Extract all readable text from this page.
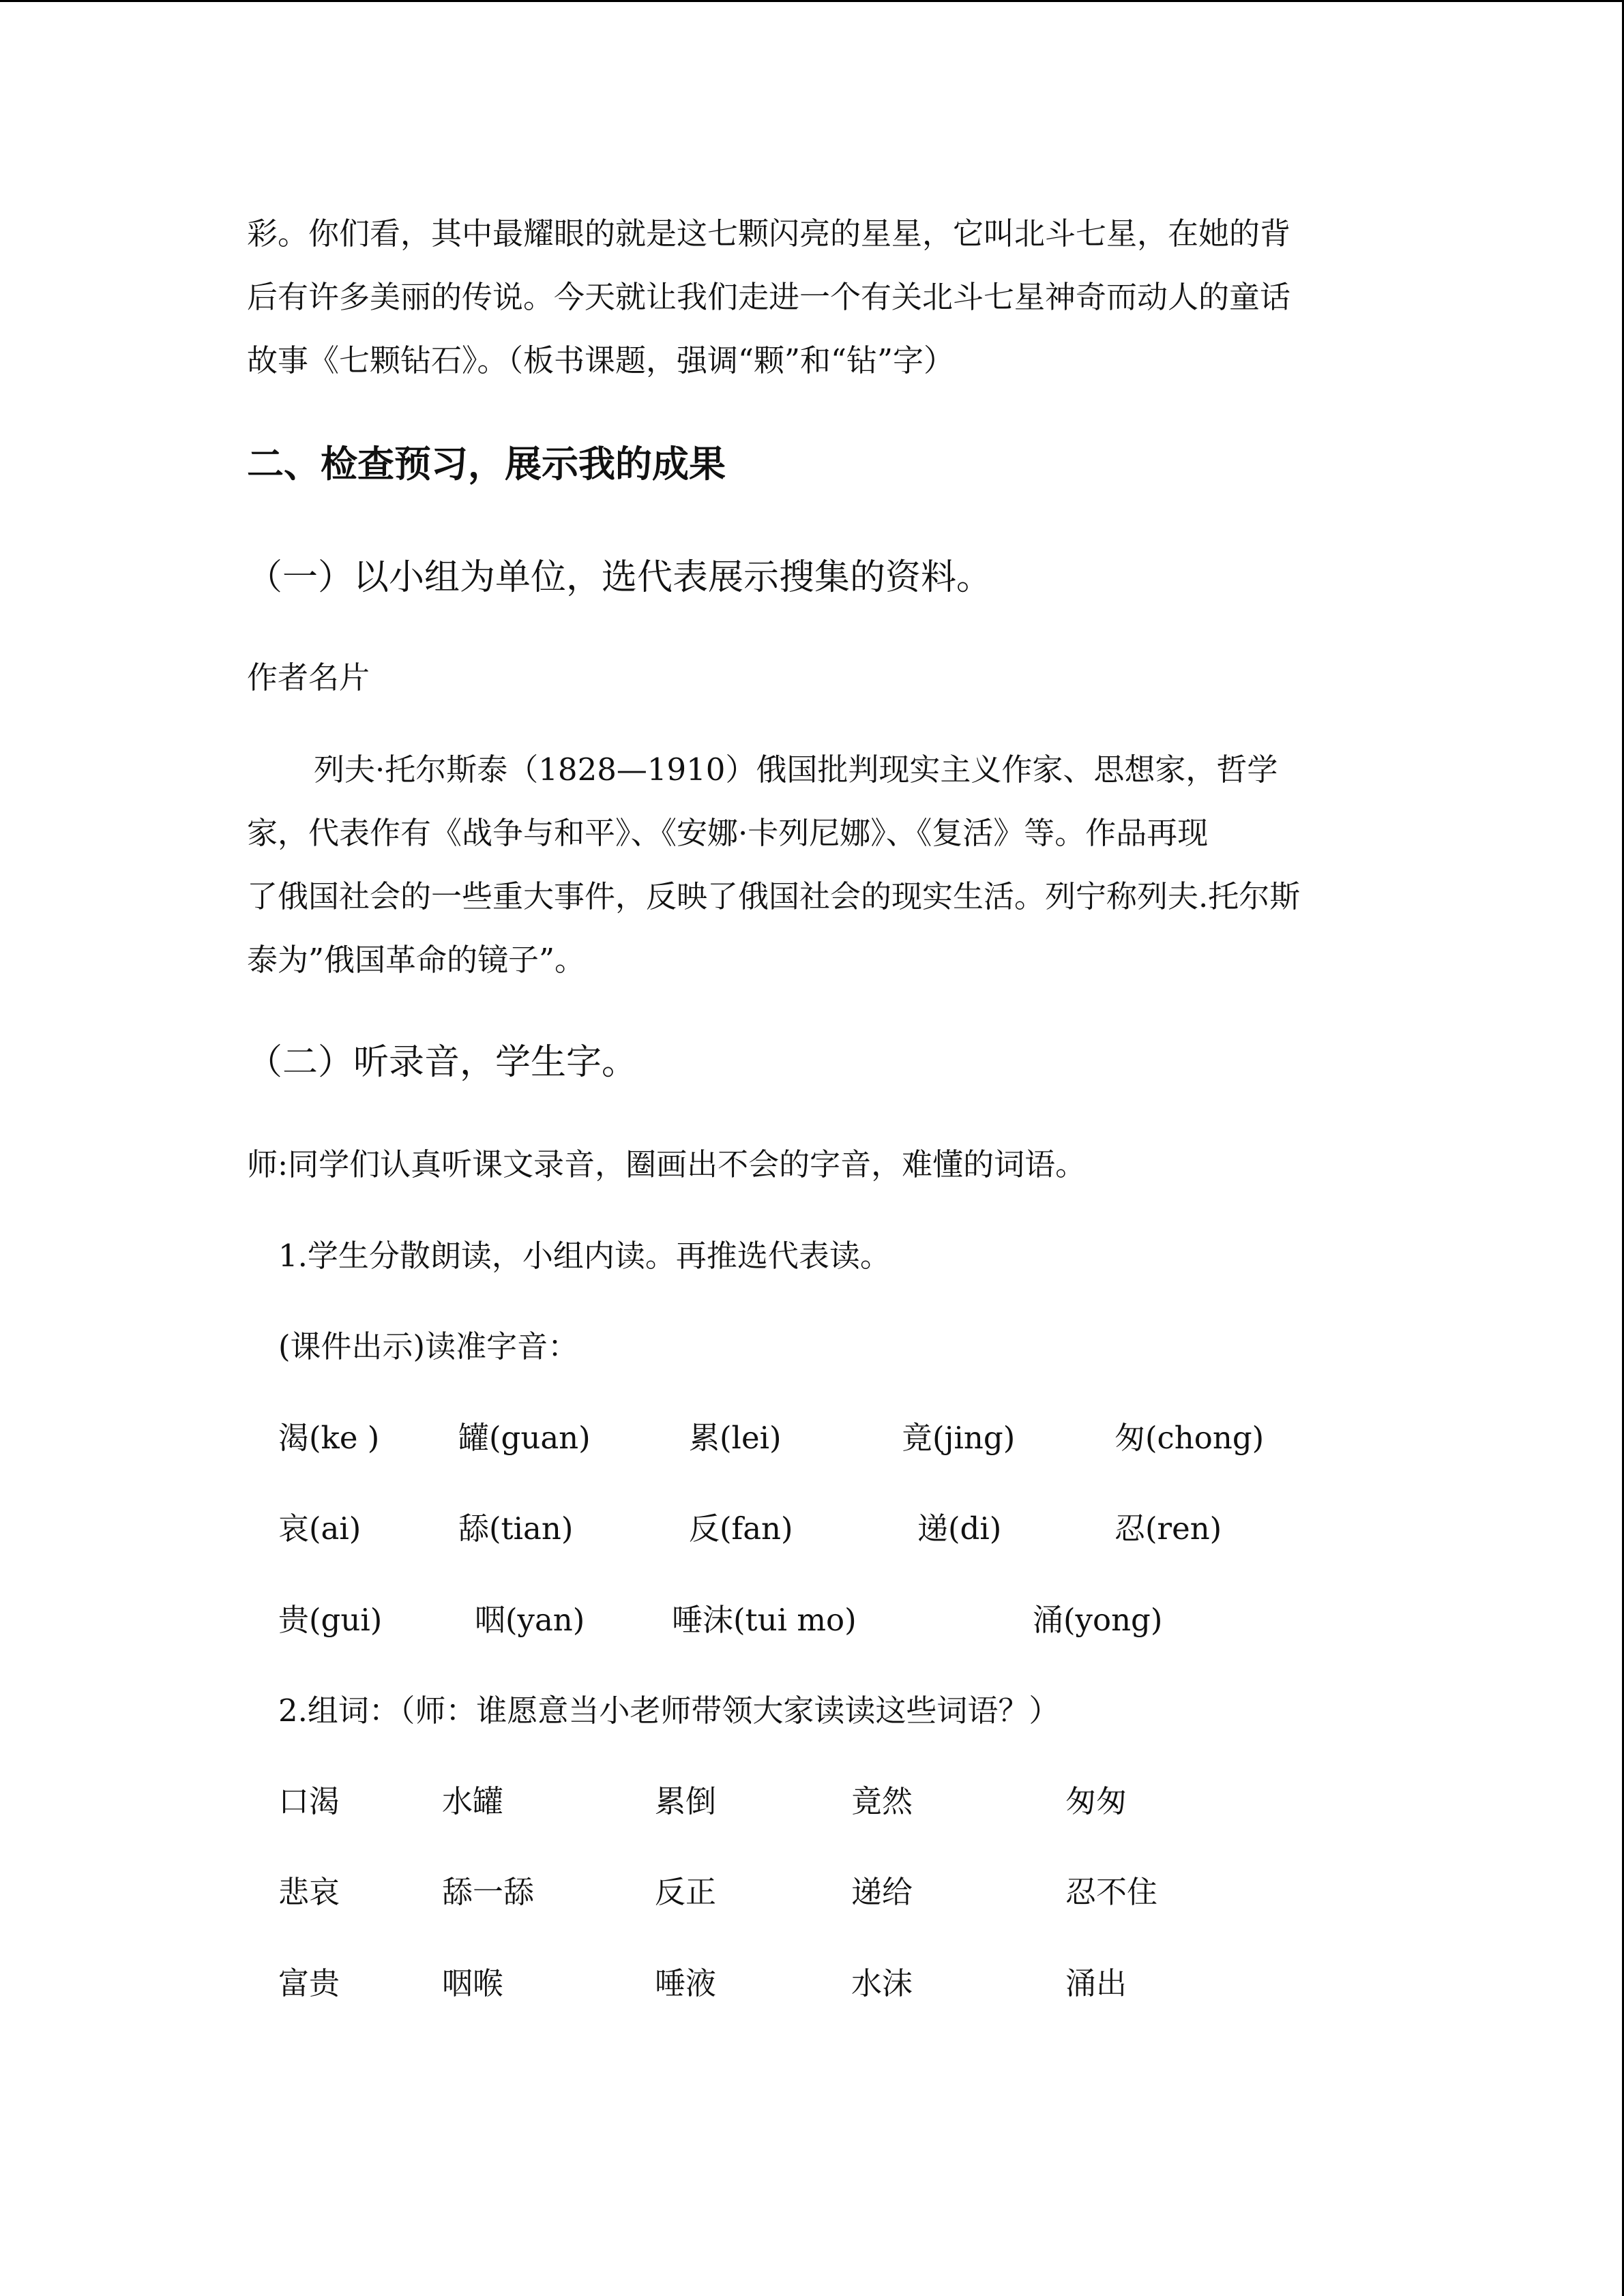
彩。你们看，其中最耀眼的就是这七颗闪亮的星星，它叫北斗七星，在她的背

后有许多美丽的传说。今天就让我们走进一个有关北斗七星神奇而动人的童话

故事《七颗钻石》。（板书课题，强调“颗”和“钻”字）

二、检查预习，展示我的成果

（一）以小组为单位，选代表展示搜集的资料。

作者名片

列夫·托尔斯泰（1828—1910）俄国批判现实主义作家、思想家，哲学

家，代表作有《战争与和平》、《安娜·卡列尼娜》、《复活》等。作品再现

了俄国社会的一些重大事件，反映了俄国社会的现实生活。列宁称列夫.托尔斯

泰为”俄国革命的镜子”。

（二）听录音，学生字。

师:同学们认真听课文录音，圈画出不会的字音，难懂的词语。

1.学生分散朗读，小组内读。再推选代表读。

(课件出示)读准字音：

渴(ke )	罐(guan)	累(lei)	竟(jing)	匆(chong)
哀(ai)	舔(tian)	反(fan)	递(di)	忍(ren)
贵(gui)	咽(yan)	唾沫(tui mo)	涌(yong)

2.组词：（师：谁愿意当小老师带领大家读读这些词语？）

口渴	水罐	累倒	竟然	匆匆
悲哀	舔一舔	反正	递给	忍不住
富贵	咽喉	唾液	水沫	涌出
